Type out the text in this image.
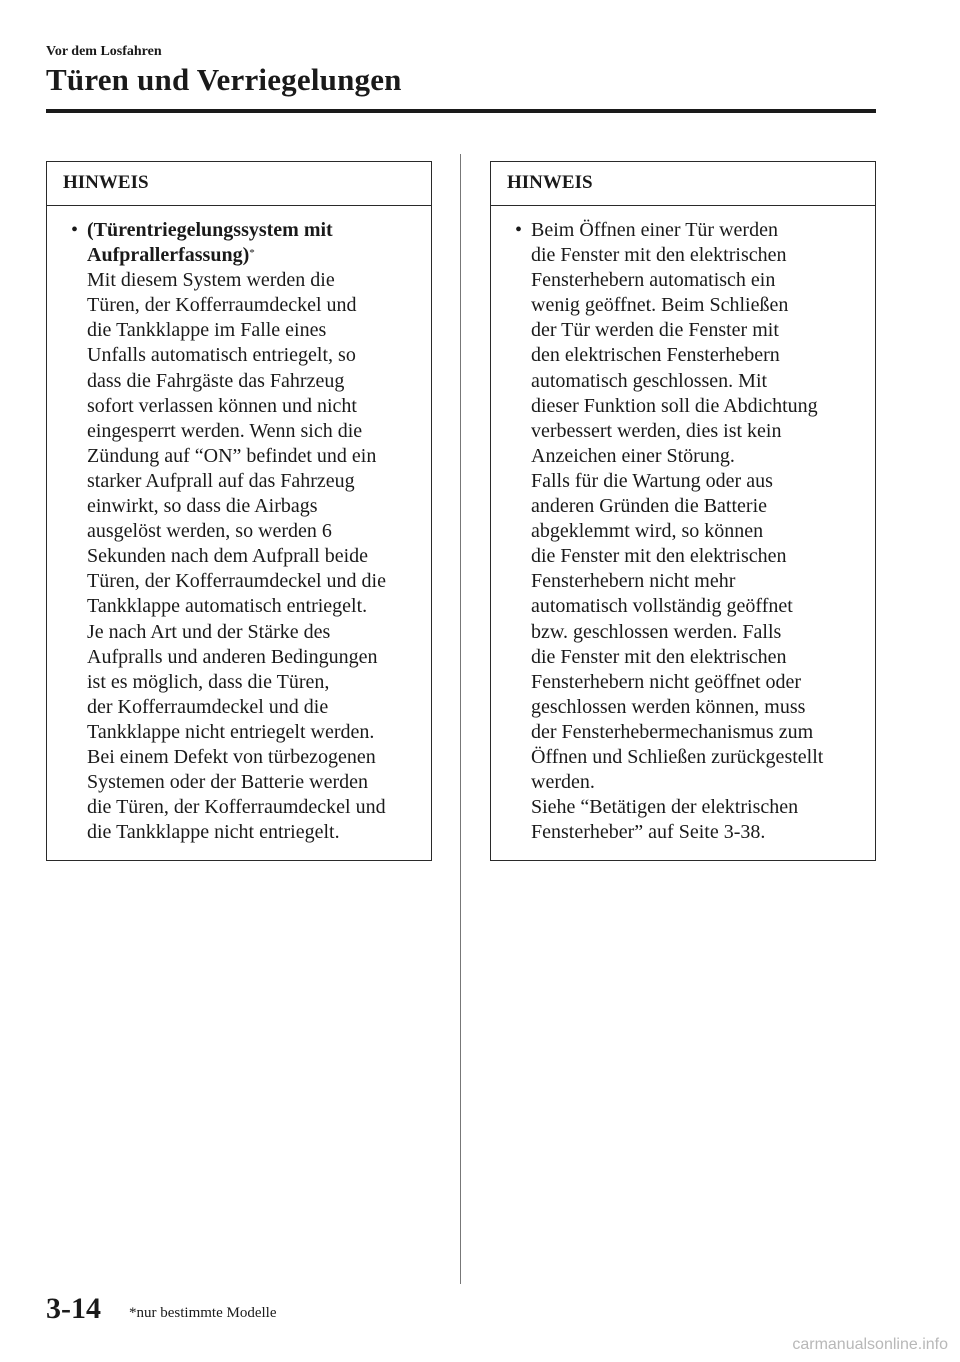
Vor dem Losfahren
Türen und Verriegelungen
HINWEIS
• (Türentriegelungssystem mit
Aufprallerfassung)*
Mit diesem System werden die
Türen, der Kofferraumdeckel und
die Tankklappe im Falle eines
Unfalls automatisch entriegelt, so
dass die Fahrgäste das Fahrzeug
sofort verlassen können und nicht
eingesperrt werden. Wenn sich die
Zündung auf “ON” befindet und ein
starker Aufprall auf das Fahrzeug
einwirkt, so dass die Airbags
ausgelöst werden, so werden 6
Sekunden nach dem Aufprall beide
Türen, der Kofferraumdeckel und die
Tankklappe automatisch entriegelt.
Je nach Art und der Stärke des
Aufpralls und anderen Bedingungen
ist es möglich, dass die Türen,
der Kofferraumdeckel und die
Tankklappe nicht entriegelt werden.
Bei einem Defekt von türbezogenen
Systemen oder der Batterie werden
die Türen, der Kofferraumdeckel und
die Tankklappe nicht entriegelt.
HINWEIS
• Beim Öffnen einer Tür werden
die Fenster mit den elektrischen
Fensterhebern automatisch ein
wenig geöffnet. Beim Schließen
der Tür werden die Fenster mit
den elektrischen Fensterhebern
automatisch geschlossen. Mit
dieser Funktion soll die Abdichtung
verbessert werden, dies ist kein
Anzeichen einer Störung.
Falls für die Wartung oder aus
anderen Gründen die Batterie
abgeklemmt wird, so können
die Fenster mit den elektrischen
Fensterhebern nicht mehr
automatisch vollständig geöffnet
bzw. geschlossen werden. Falls
die Fenster mit den elektrischen
Fensterhebern nicht geöffnet oder
geschlossen werden können, muss
der Fensterhebermechanismus zum
Öffnen und Schließen zurückgestellt
werden.
Siehe “Betätigen der elektrischen
Fensterheber” auf Seite 3-38.
3-14 *nur bestimmte Modelle
carmanualsonline.info
